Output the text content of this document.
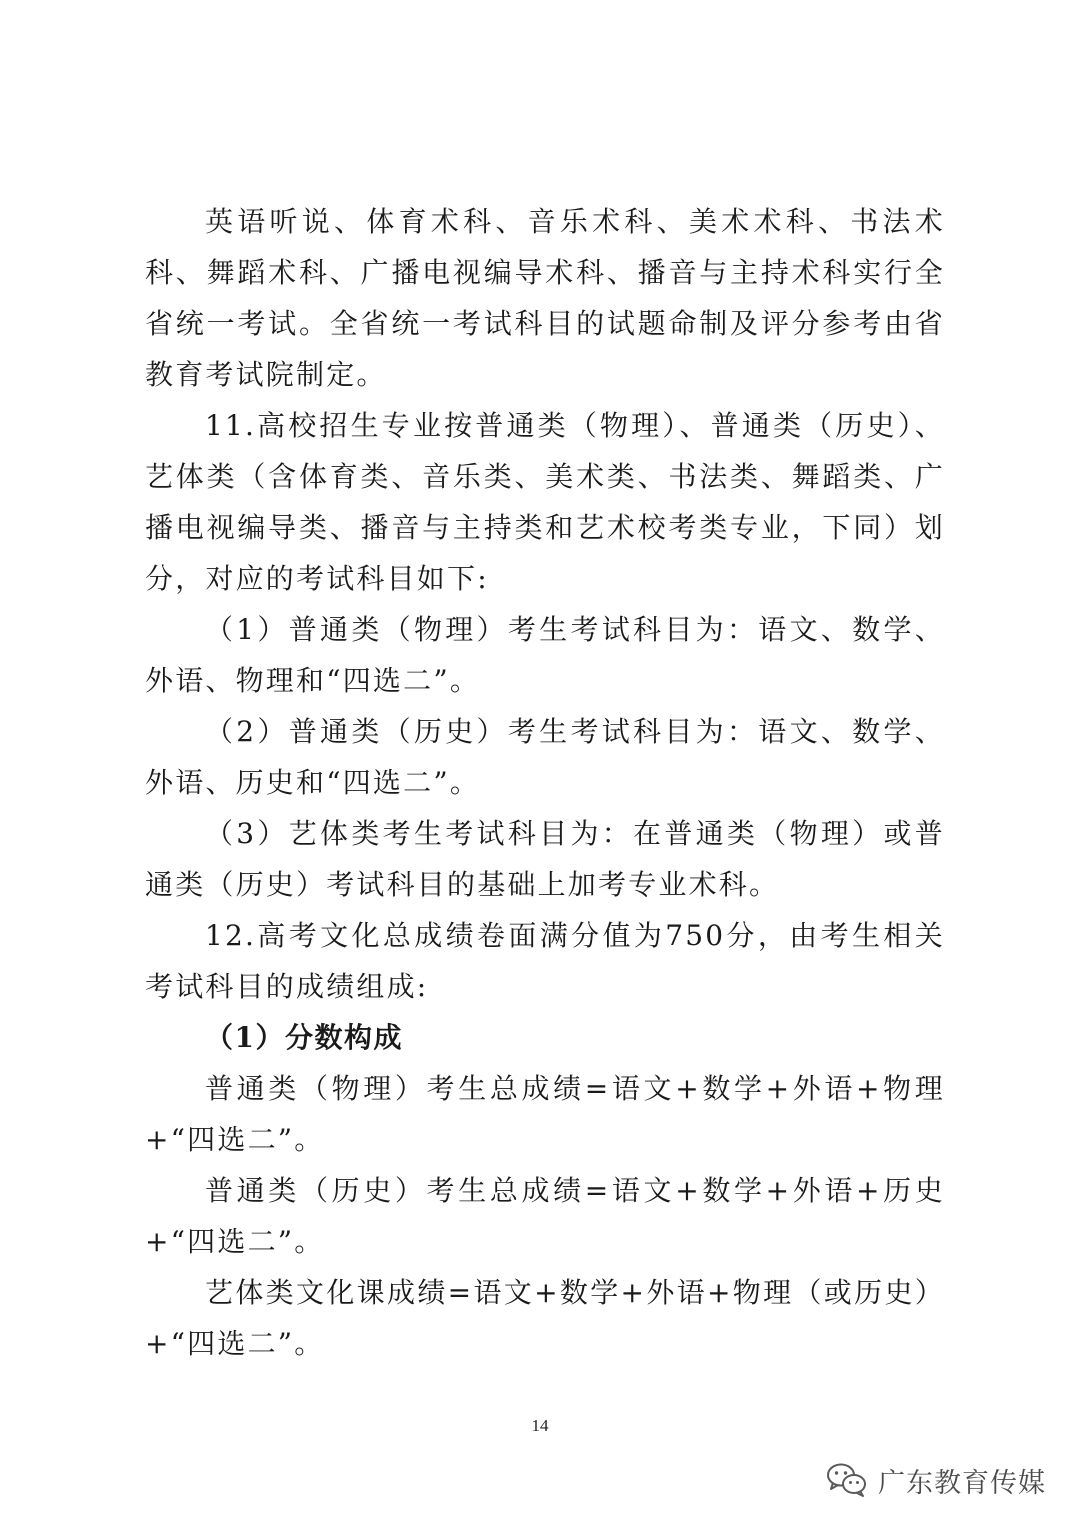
英语听说、体育术科、音乐术科、美术术科、书法术科、舞蹈术科、广播电视编导术科、播音与主持术科实行全省统一考试。全省统一考试科目的试题命制及评分参考由省教育考试院制定。

11.高校招生专业按普通类（物理）、普通类（历史）、艺体类（含体育类、音乐类、美术类、书法类、舞蹈类、广播电视编导类、播音与主持类和艺术校考类专业，下同）划分，对应的考试科目如下:

（1）普通类（物理）考生考试科目为：语文、数学、外语、物理和“四选二”。

（2）普通类（历史）考生考试科目为：语文、数学、外语、历史和“四选二”。

（3）艺体类考生考试科目为：在普通类（物理）或普通类（历史）考试科目的基础上加考专业术科。

12.高考文化总成绩卷面满分值为750分，由考生相关考试科目的成绩组成:

（1）分数构成

普通类（物理）考生总成绩=语文+数学+外语+物理+“四选二”。

普通类（历史）考生总成绩=语文+数学+外语+历史+“四选二”。

艺体类文化课成绩=语文+数学+外语+物理（或历史）+“四选二”。

14
广东教育传媒
